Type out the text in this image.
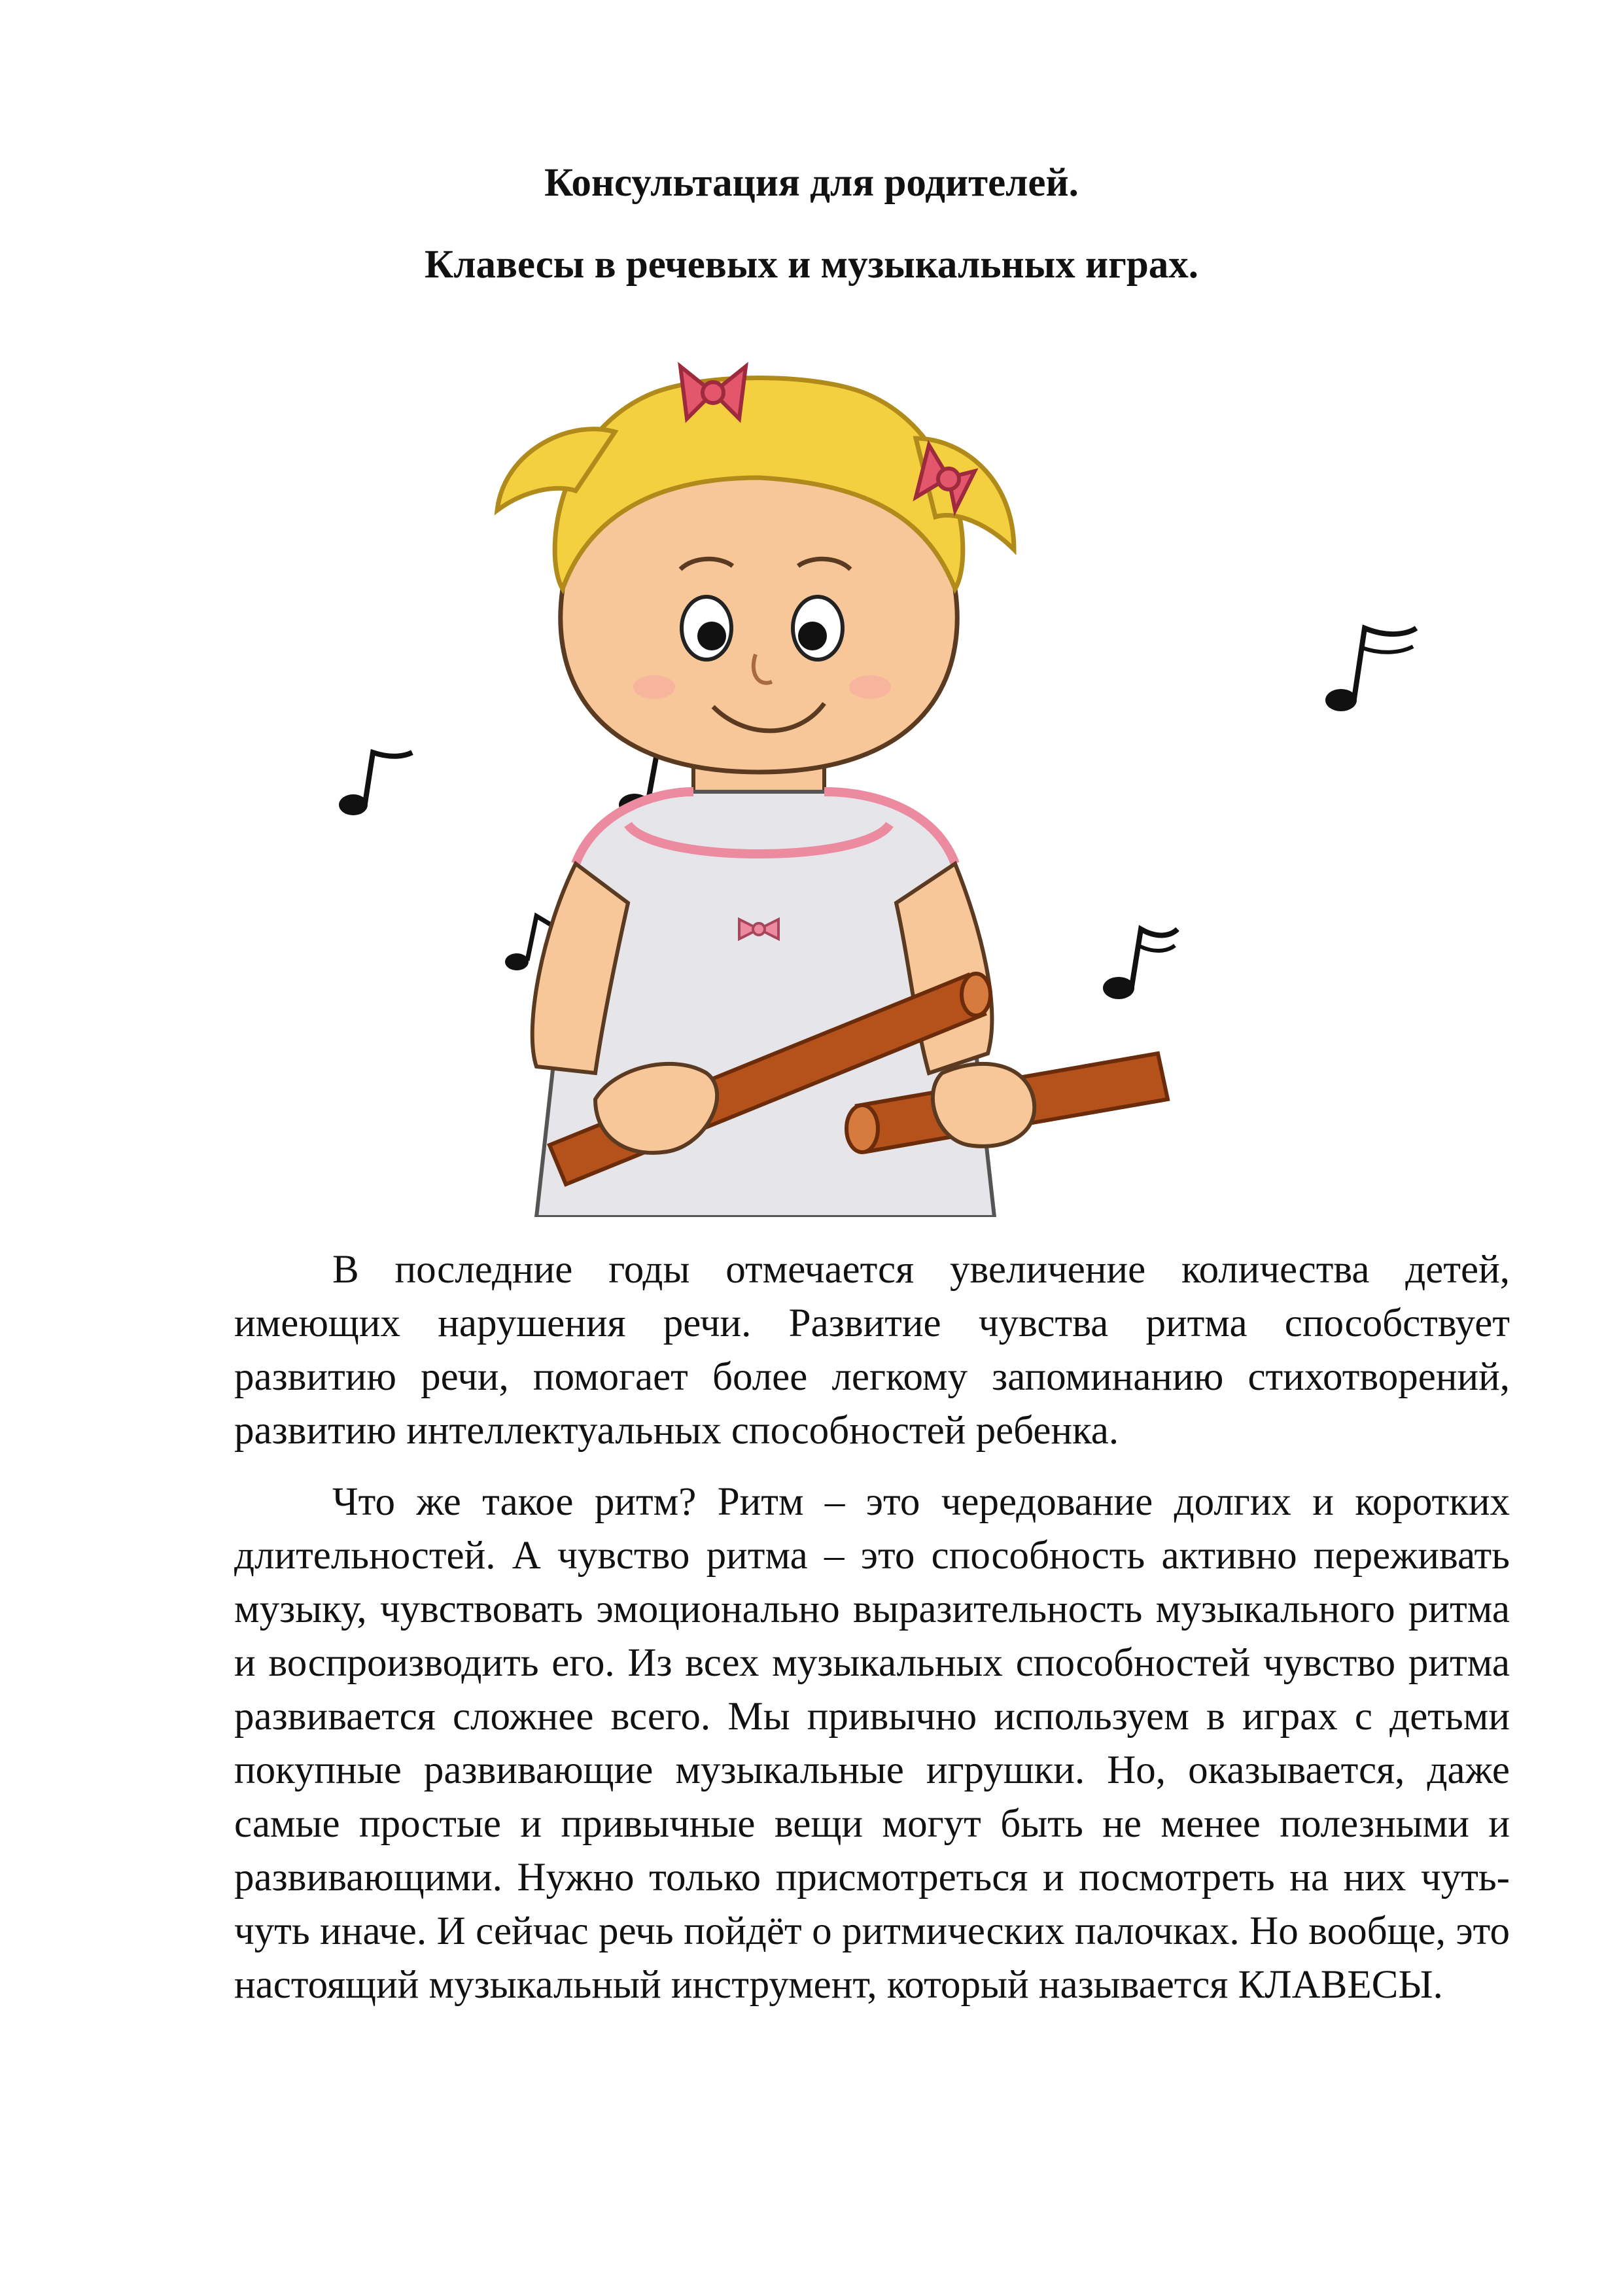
Консультация для родителей.
Клавесы в речевых и музыкальных играх.

В последние годы отмечается увеличение количества детей, имеющих нарушения речи. Развитие чувства ритма способствует развитию речи, помогает более легкому запоминанию стихотворений, развитию интеллектуальных способностей ребенка.

Что же такое ритм? Ритм – это чередование долгих и коротких длительностей. А чувство ритма – это способность активно переживать музыку, чувствовать эмоционально выразительность музыкального ритма и воспроизводить его. Из всех музыкальных способностей чувство ритма развивается сложнее всего. Мы привычно используем в играх с детьми покупные развивающие музыкальные игрушки. Но, оказывается, даже самые простые и привычные вещи могут быть не менее полезными и развивающими. Нужно только присмотреться и посмотреть на них чуть-чуть иначе. И сейчас речь пойдёт о ритмических палочках. Но вообще, это настоящий музыкальный инструмент, который называется КЛАВЕСЫ.
